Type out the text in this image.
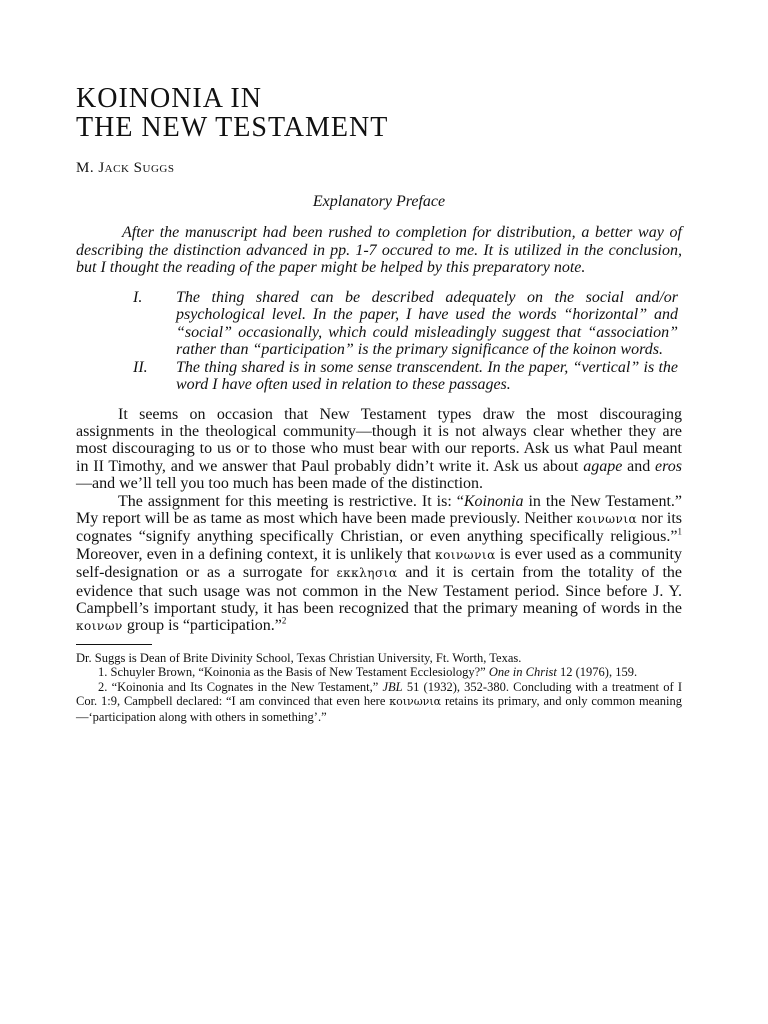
KOINONIA IN
THE NEW TESTAMENT
M. Jack Suggs
Explanatory Preface

After the manuscript had been rushed to completion for distribution, a better way of describing the distinction advanced in pp. 1-7 occured to me. It is utilized in the conclusion, but I thought the reading of the paper might be helped by this preparatory note.

I.	The thing shared can be described adequately on the social and/or psychological level. In the paper, I have used the words “horizontal” and “social” occasionally, which could misleadingly suggest that “association” rather than “participation” is the primary significance of the koinon words.
II.	The thing shared is in some sense transcendent. In the paper, “vertical” is the word I have often used in relation to these passages.

It seems on occasion that New Testament types draw the most discouraging assignments in the theological community—though it is not always clear whether they are most discouraging to us or to those who must bear with our reports. Ask us what Paul meant in II Timothy, and we answer that Paul probably didn’t write it. Ask us about agape and eros—and we’ll tell you too much has been made of the distinction.

The assignment for this meeting is restrictive. It is: “Koinonia in the New Testament.” My report will be as tame as most which have been made previously. Neither κοινωνια nor its cognates “signify anything specifically Christian, or even anything specifically religious.”$^1$ Moreover, even in a defining context, it is unlikely that κοινωνια is ever used as a community self-designation or as a surrogate for εκκλησια and it is certain from the totality of the evidence that such usage was not common in the New Testament period. Since before J. Y. Campbell’s important study, it has been recognized that the primary meaning of words in the κοινων group is “participation.”$^2$

Dr. Suggs is Dean of Brite Divinity School, Texas Christian University, Ft. Worth, Texas.

1. Schuyler Brown, “Koinonia as the Basis of New Testament Ecclesiology?” One in Christ 12 (1976), 159.

2. “Koinonia and Its Cognates in the New Testament,” JBL 51 (1932), 352-380. Concluding with a treatment of I Cor. 1:9, Campbell declared: “I am convinced that even here κοινωνια retains its primary, and only common meaning—‘participation along with others in something’.”
